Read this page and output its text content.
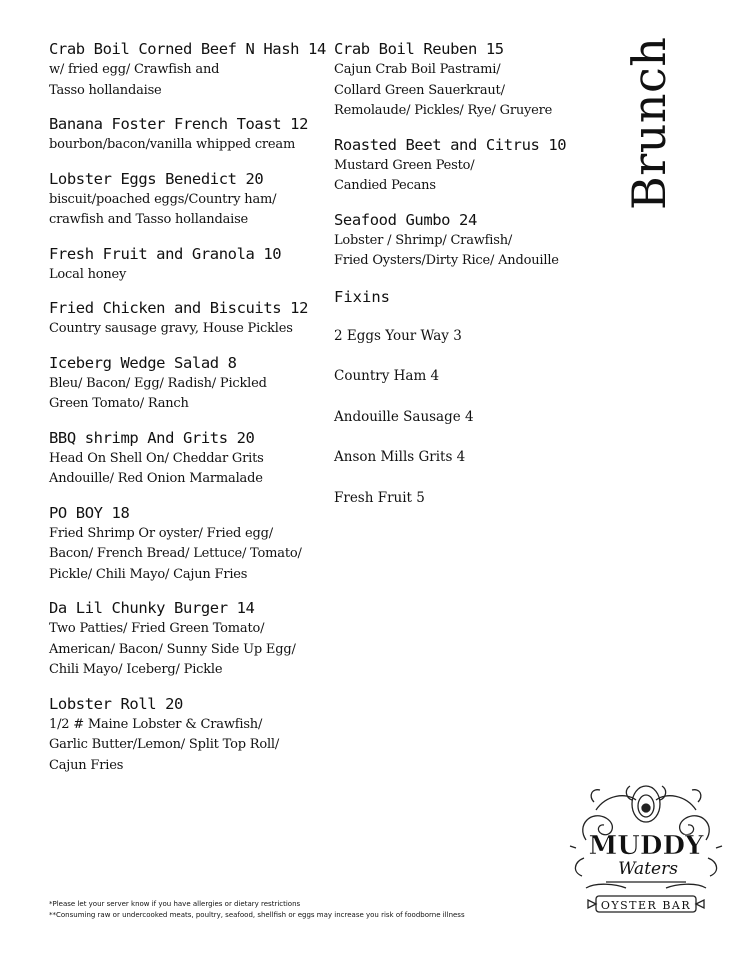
Crab Boil Corned Beef N Hash 14
w/ fried egg/ Crawfish and
Tasso hollandaise
Banana Foster French Toast 12
bourbon/bacon/vanilla whipped cream
Lobster Eggs Benedict 20
biscuit/poached eggs/Country ham/
crawfish and Tasso hollandaise
Fresh Fruit and Granola 10
Local honey
Fried Chicken and Biscuits 12
Country sausage gravy, House Pickles
Iceberg Wedge Salad 8
Bleu/ Bacon/ Egg/ Radish/ Pickled
Green Tomato/ Ranch
BBQ shrimp And Grits 20
Head On Shell On/ Cheddar Grits
Andouille/ Red Onion Marmalade
PO BOY 18
Fried Shrimp Or oyster/ Fried egg/
Bacon/ French Bread/ Lettuce/ Tomato/
Pickle/ Chili Mayo/ Cajun Fries
Da Lil Chunky Burger 14
Two Patties/ Fried Green Tomato/
American/ Bacon/ Sunny Side Up Egg/
Chili Mayo/ Iceberg/ Pickle
Lobster Roll 20
1/2 # Maine Lobster & Crawfish/
Garlic Butter/Lemon/ Split Top Roll/
Cajun Fries
Crab Boil Reuben 15
Cajun Crab Boil Pastrami/
Collard Green Sauerkraut/
Remolaude/ Pickles/ Rye/ Gruyere
Roasted Beet and Citrus 10
Mustard Green Pesto/
Candied Pecans
Seafood Gumbo 24
Lobster / Shrimp/ Crawfish/
Fried Oysters/Dirty Rice/ Andouille
Fixins
2 Eggs Your Way 3
Country Ham 4
Andouille Sausage 4
Anson Mills Grits 4
Fresh Fruit 5
Brunch
MUDDY
Waters
OYSTER BAR
*Please let your server know if you have allergies or dietary restrictions
**Consuming raw or undercooked meats, poultry, seafood, shellfish or eggs may increase you risk of foodborne illness
